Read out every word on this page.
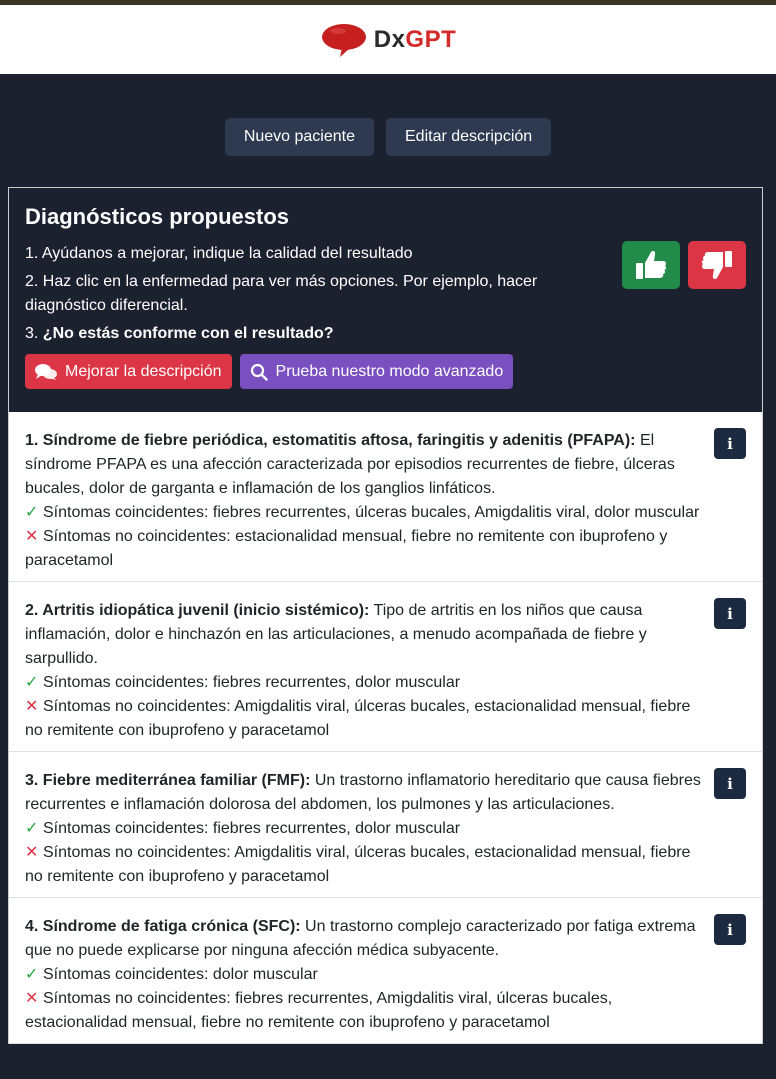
DxGPT
Nuevo paciente	Editar descripción
Diagnósticos propuestos
1. Ayúdanos a mejorar, indique la calidad del resultado
2. Haz clic en la enfermedad para ver más opciones. Por ejemplo, hacer diagnóstico diferencial.
3. ¿No estás conforme con el resultado?
Mejorar la descripción	Prueba nuestro modo avanzado
i
1. Síndrome de fiebre periódica, estomatitis aftosa, faringitis y adenitis (PFAPA): El síndrome PFAPA es una afección caracterizada por episodios recurrentes de fiebre, úlceras bucales, dolor de garganta e inflamación de los ganglios linfáticos.
✓ Síntomas coincidentes: fiebres recurrentes, úlceras bucales, Amigdalitis viral, dolor muscular
✕ Síntomas no coincidentes: estacionalidad mensual, fiebre no remitente con ibuprofeno y paracetamol
i
2. Artritis idiopática juvenil (inicio sistémico): Tipo de artritis en los niños que causa inflamación, dolor e hinchazón en las articulaciones, a menudo acompañada de fiebre y sarpullido.
✓ Síntomas coincidentes: fiebres recurrentes, dolor muscular
✕ Síntomas no coincidentes: Amigdalitis viral, úlceras bucales, estacionalidad mensual, fiebre no remitente con ibuprofeno y paracetamol
i
3. Fiebre mediterránea familiar (FMF): Un trastorno inflamatorio hereditario que causa fiebres recurrentes e inflamación dolorosa del abdomen, los pulmones y las articulaciones.
✓ Síntomas coincidentes: fiebres recurrentes, dolor muscular
✕ Síntomas no coincidentes: Amigdalitis viral, úlceras bucales, estacionalidad mensual, fiebre no remitente con ibuprofeno y paracetamol
i
4. Síndrome de fatiga crónica (SFC): Un trastorno complejo caracterizado por fatiga extrema que no puede explicarse por ninguna afección médica subyacente.
✓ Síntomas coincidentes: dolor muscular
✕ Síntomas no coincidentes: fiebres recurrentes, Amigdalitis viral, úlceras bucales, estacionalidad mensual, fiebre no remitente con ibuprofeno y paracetamol
